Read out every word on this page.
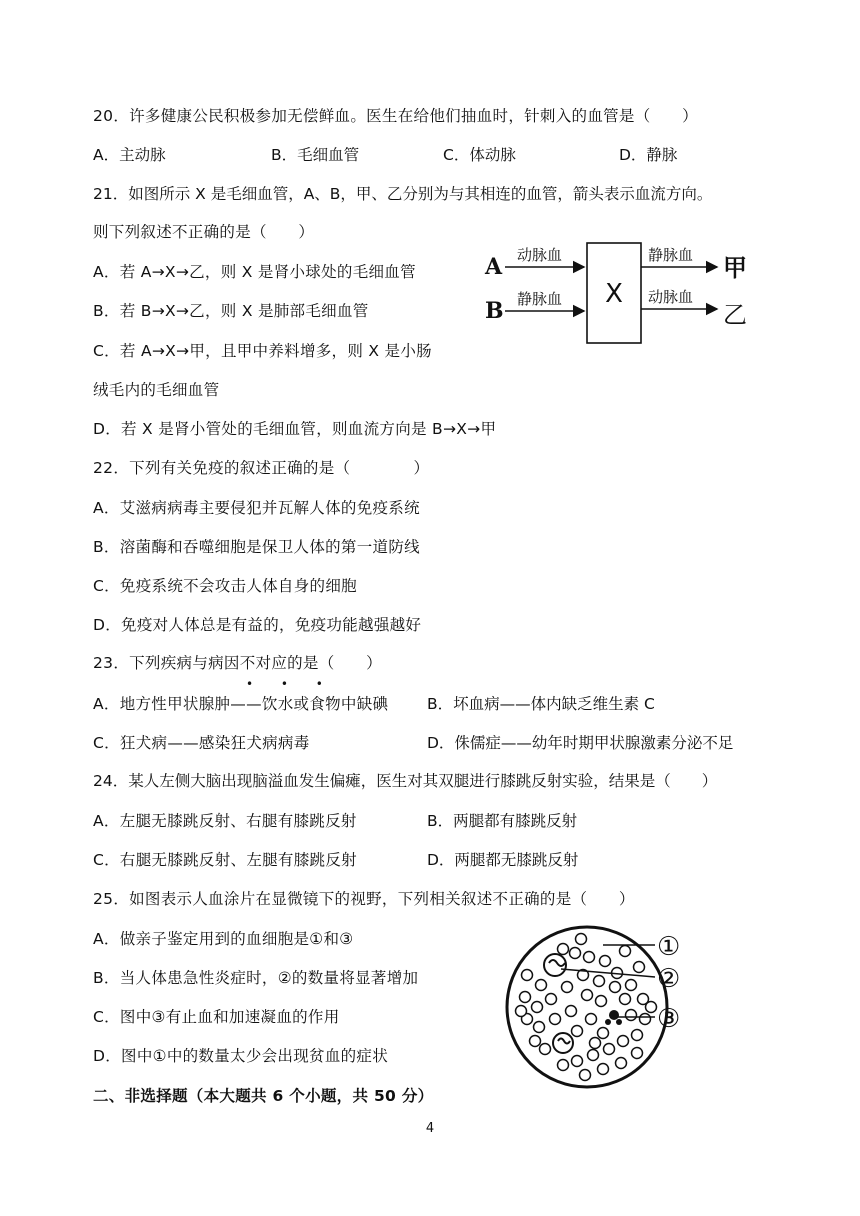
20．许多健康公民积极参加无偿鲜血。医生在给他们抽血时，针刺入的血管是（　　）
A．主动脉	B．毛细血管	C．体动脉	D．静脉
21．如图所示 X 是毛细血管，A、B，甲、乙分别为与其相连的血管，箭头表示血流方向。
则下列叙述不正确的是（　　）
A．若 A→X→乙，则 X 是肾小球处的毛细血管
B．若 B→X→乙，则 X 是肺部毛细血管
C．若 A→X→甲，且甲中养料增多，则 X 是小肠
绒毛内的毛细血管
D．若 X 是肾小管处的毛细血管，则血流方向是 B→X→甲
A
B
动脉血
静脉血 X
静脉血
动脉血
甲
乙
22．下列有关免疫的叙述正确的是（　　　　）
A．艾滋病病毒主要侵犯并瓦解人体的免疫系统
B．溶菌酶和吞噬细胞是保卫人体的第一道防线
C．免疫系统不会攻击人体自身的细胞
D．免疫对人体总是有益的，免疫功能越强越好
23．下列疾病与病因不对应的是（　　）
• • •
A．地方性甲状腺肿——饮水或食物中缺碘 B．坏血病——体内缺乏维生素 C
C．狂犬病——感染狂犬病病毒	D．侏儒症——幼年时期甲状腺激素分泌不足
24．某人左侧大脑出现脑溢血发生偏瘫，医生对其双腿进行膝跳反射实验，结果是（　　）
A．左腿无膝跳反射、右腿有膝跳反射	B．两腿都有膝跳反射
C．右腿无膝跳反射、左腿有膝跳反射	D．两腿都无膝跳反射
25．如图表示人血涂片在显微镜下的视野，下列相关叙述不正确的是（　　）
A．做亲子鉴定用到的血细胞是①和③
B．当人体患急性炎症时，②的数量将显著增加
C．图中③有止血和加速凝血的作用
D．图中①中的数量太少会出现贫血的症状
①
②
③
二、非选择题（本大题共 6 个小题，共 50 分）
4
